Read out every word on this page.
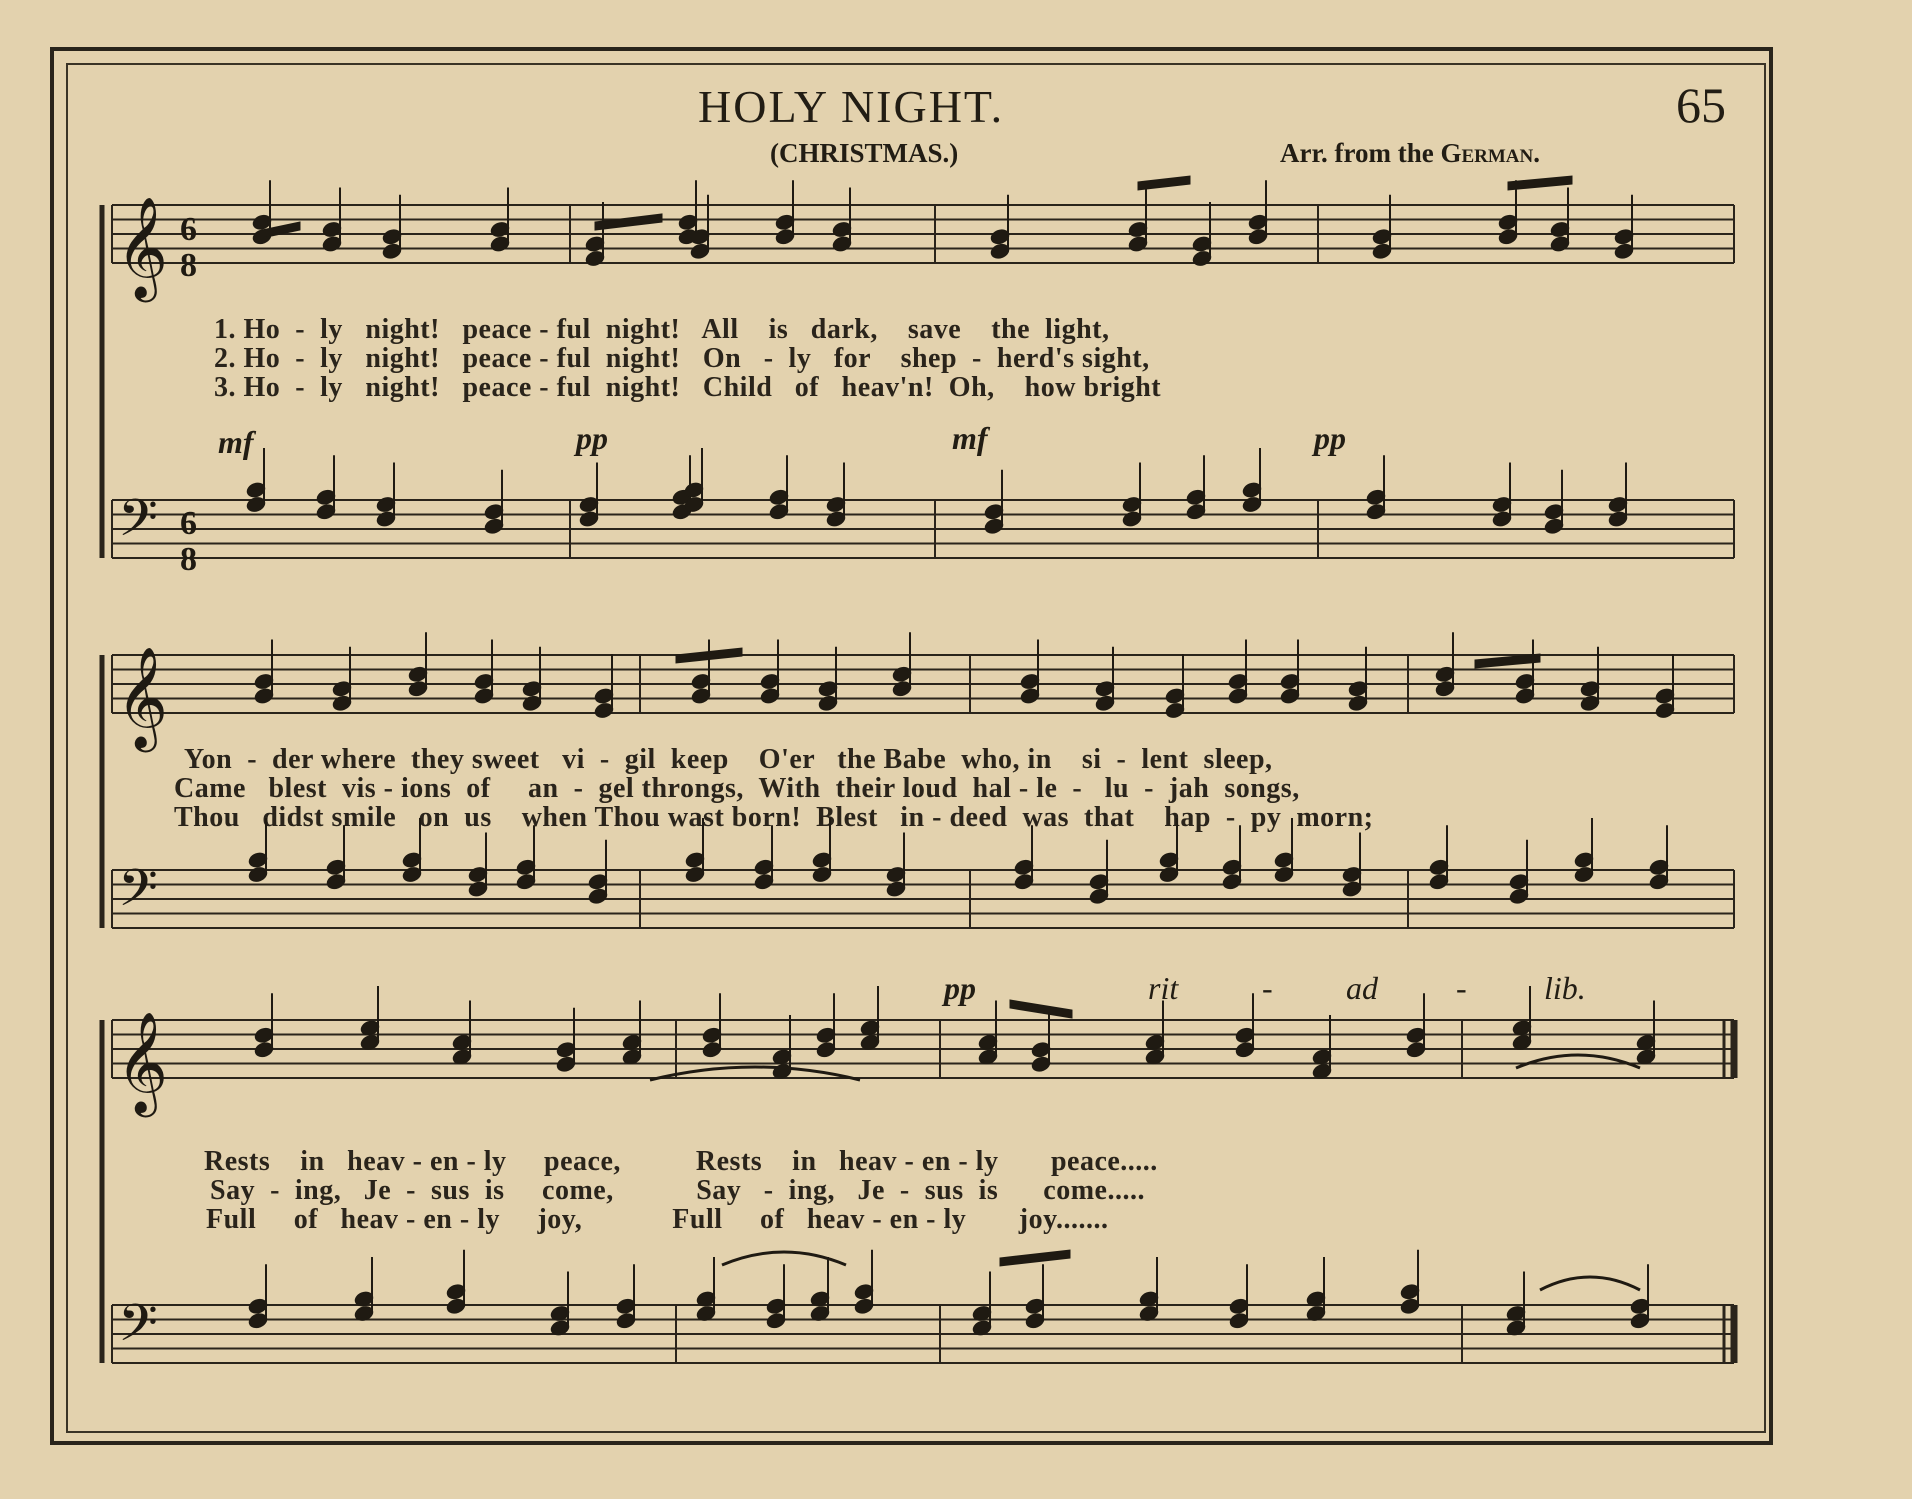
HOLY NIGHT.	65
(CHRISTMAS.)	Arr. from the German.
mf	pp	mf	pp
pp	rit	- ad - lib.
1. Ho  -  ly   night!   peace - ful  night!   All    is   dark,    save    the  light,
2. Ho  -  ly   night!   peace - ful  night!   On   -  ly   for    shep  -  herd's sight,
3. Ho  -  ly   night!   peace - ful  night!   Child   of   heav'n!  Oh,    how bright
Yon  -  der where  they sweet   vi  -  gil  keep    O'er   the Babe  who, in    si  -  lent  sleep,
Came   blest  vis - ions  of     an  -  gel throngs,  With  their loud  hal - le  -   lu  -  jah  songs,
Thou   didst smile   on  us    when Thou wast born!  Blest   in - deed  was  that    hap  -  py  morn;
Rests    in   heav - en - ly     peace,          Rests    in   heav - en - ly       peace.....
Say  -  ing,   Je  -  sus  is     come,           Say   -  ing,   Je  -  sus  is      come.....
Full     of   heav - en - ly     joy,            Full     of   heav - en - ly       joy.......
𝄞
𝄢
𝄞
𝄢
𝄞
𝄢
6
8
6
8
